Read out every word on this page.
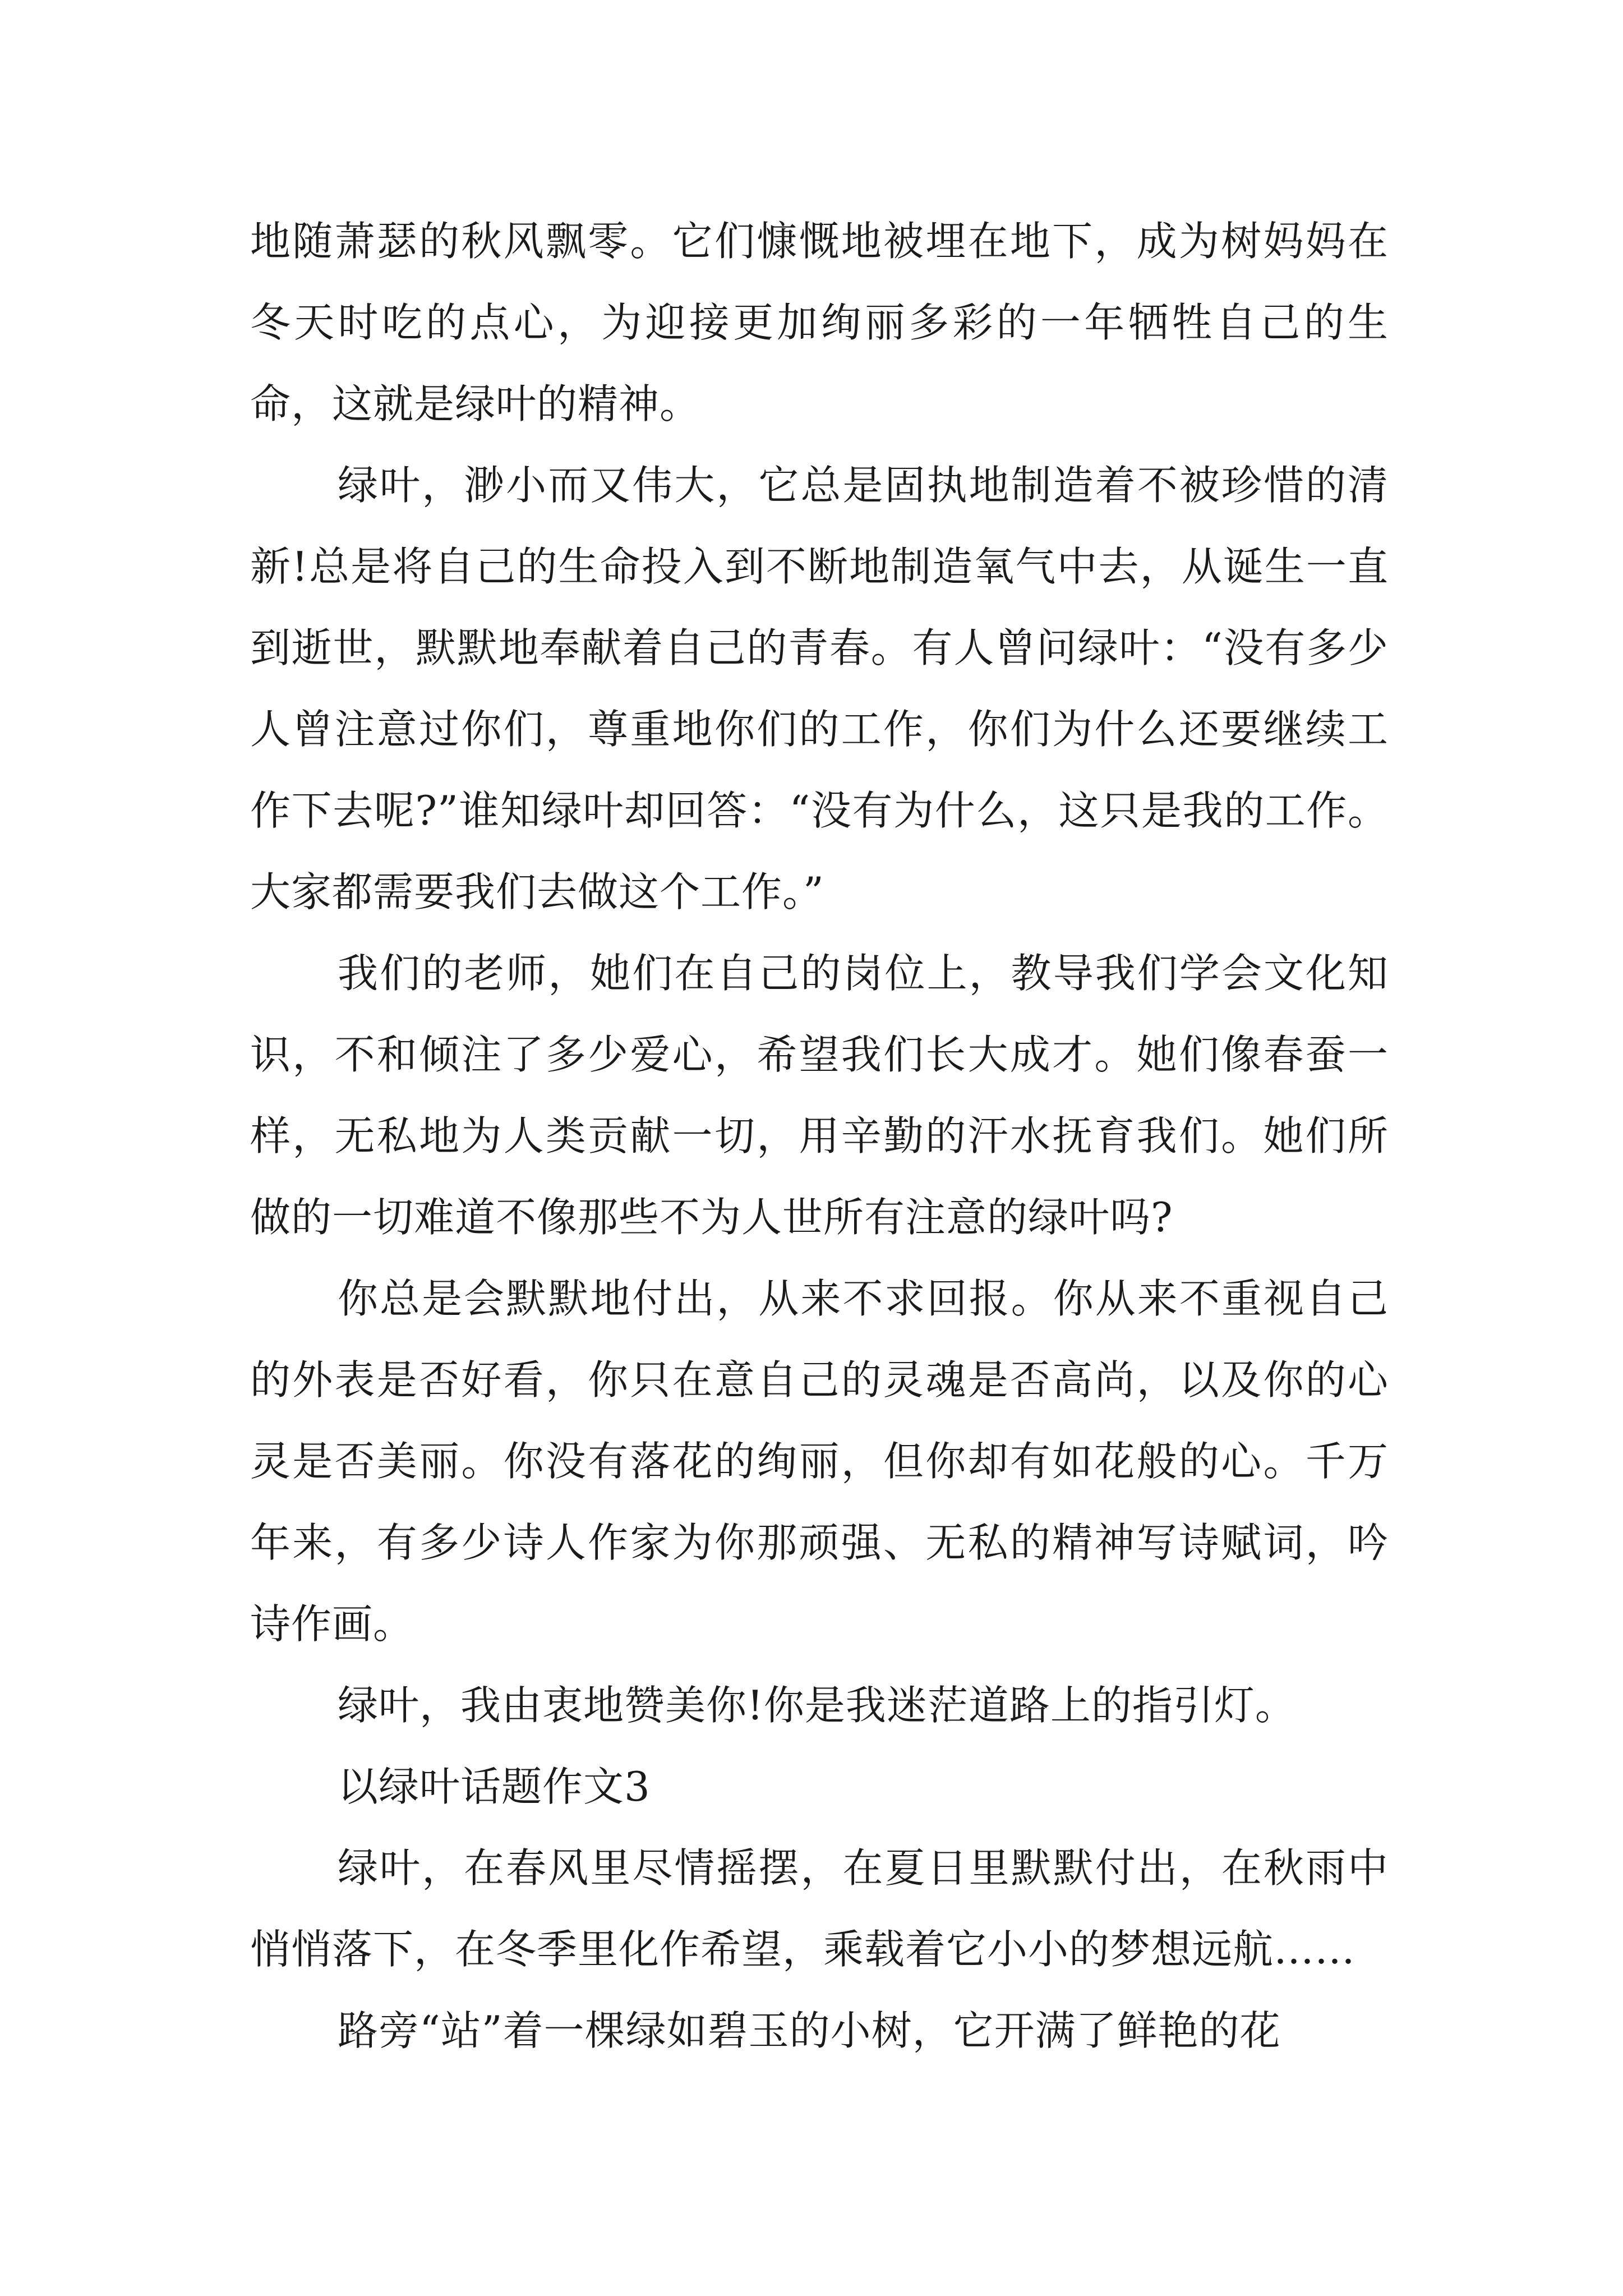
地随萧瑟的秋风飘零。它们慷慨地被埋在地下，成为树妈妈在冬天时吃的点心，为迎接更加绚丽多彩的一年牺牲自己的生命，这就是绿叶的精神。

绿叶，渺小而又伟大，它总是固执地制造着不被珍惜的清新!总是将自己的生命投入到不断地制造氧气中去，从诞生一直到逝世，默默地奉献着自己的青春。有人曾问绿叶：“没有多少人曾注意过你们，尊重地你们的工作，你们为什么还要继续工作下去呢?”谁知绿叶却回答：“没有为什么，这只是我的工作。大家都需要我们去做这个工作。”

我们的老师，她们在自己的岗位上，教导我们学会文化知识，不和倾注了多少爱心，希望我们长大成才。她们像春蚕一样，无私地为人类贡献一切，用辛勤的汗水抚育我们。她们所做的一切难道不像那些不为人世所有注意的绿叶吗?

你总是会默默地付出，从来不求回报。你从来不重视自己的外表是否好看，你只在意自己的灵魂是否高尚，以及你的心灵是否美丽。你没有落花的绚丽，但你却有如花般的心。千万年来，有多少诗人作家为你那顽强、无私的精神写诗赋词，吟诗作画。

绿叶，我由衷地赞美你!你是我迷茫道路上的指引灯。

以绿叶话题作文3

绿叶，在春风里尽情摇摆，在夏日里默默付出，在秋雨中悄悄落下，在冬季里化作希望，乘载着它小小的梦想远航……

路旁“站”着一棵绿如碧玉的小树，它开满了鲜艳的花
